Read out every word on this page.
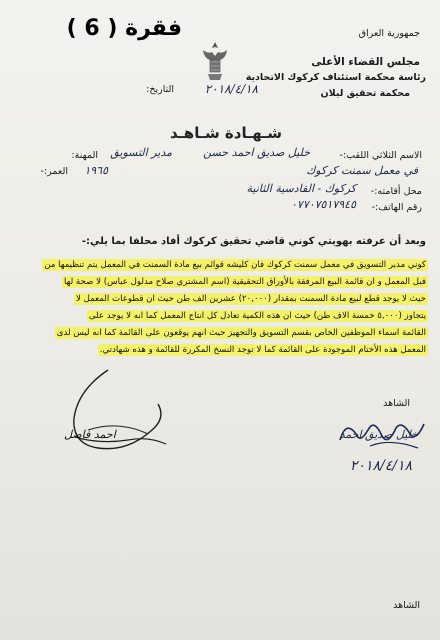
فقرة ( 6 )	جمهورية العراق
مجلس القضاء الأعلى
رئاسة محكمة استئناف كركوك الاتحادية
محكمة تحقيق ليلان
التاريخ:	٢٠١٨/٤/١٨
شـهـادة شـاهـد
الاسم الثلاثي اللقب:-
خليل صديق احمد حسن
المهنة: مدير التسويق
في معمل سمنت كركوك
العمر:- ١٩٦٥
محل أقامته:-
كركوك - القادسية الثانية
رقم الهاتف:-
٠٧٧٠٧٥١٧٩٤٥
وبعد أن عرفته بهويتي كوني قاضي تحقيق كركوك أفاد محلفا بما يلي:-
كوني مدير التسويق في معمل سمنت كركوك فان كليشه قوائم بيع مادة السمنت في المعمل يتم تنظيمها من
قبل المعمل و ان قائمة البيع المرفقة بالأوراق التحقيقية (اسم المشتري صلاح مدلول عباس) لا صحة لها
حيث لا يوجد قطع لبيع مادة السمنت بمقدار (٢٠,٠٠٠) عشرين الف طن حيث ان قطوعات المعمل لا
يتجاوز (٥,٠٠٠ خمسة الاف طن) حيث ان هذه الكمية تعادل كل انتاج المعمل كما انه لا يوجد على
القائمة اسماء الموظفين الخاص بقسم التسويق والتجهيز حيث انهم يوقعون على القائمة كما انه ليس لدى
المعمل هذه الأختام الموجودة على القائمة كما لا توجد النسخ المكررة للقائمة و هذه شهادتي.
الشاهد
خليل صديق احمد
٢٠١٨/٤/١٨
احمد فاضل
الشاهد
